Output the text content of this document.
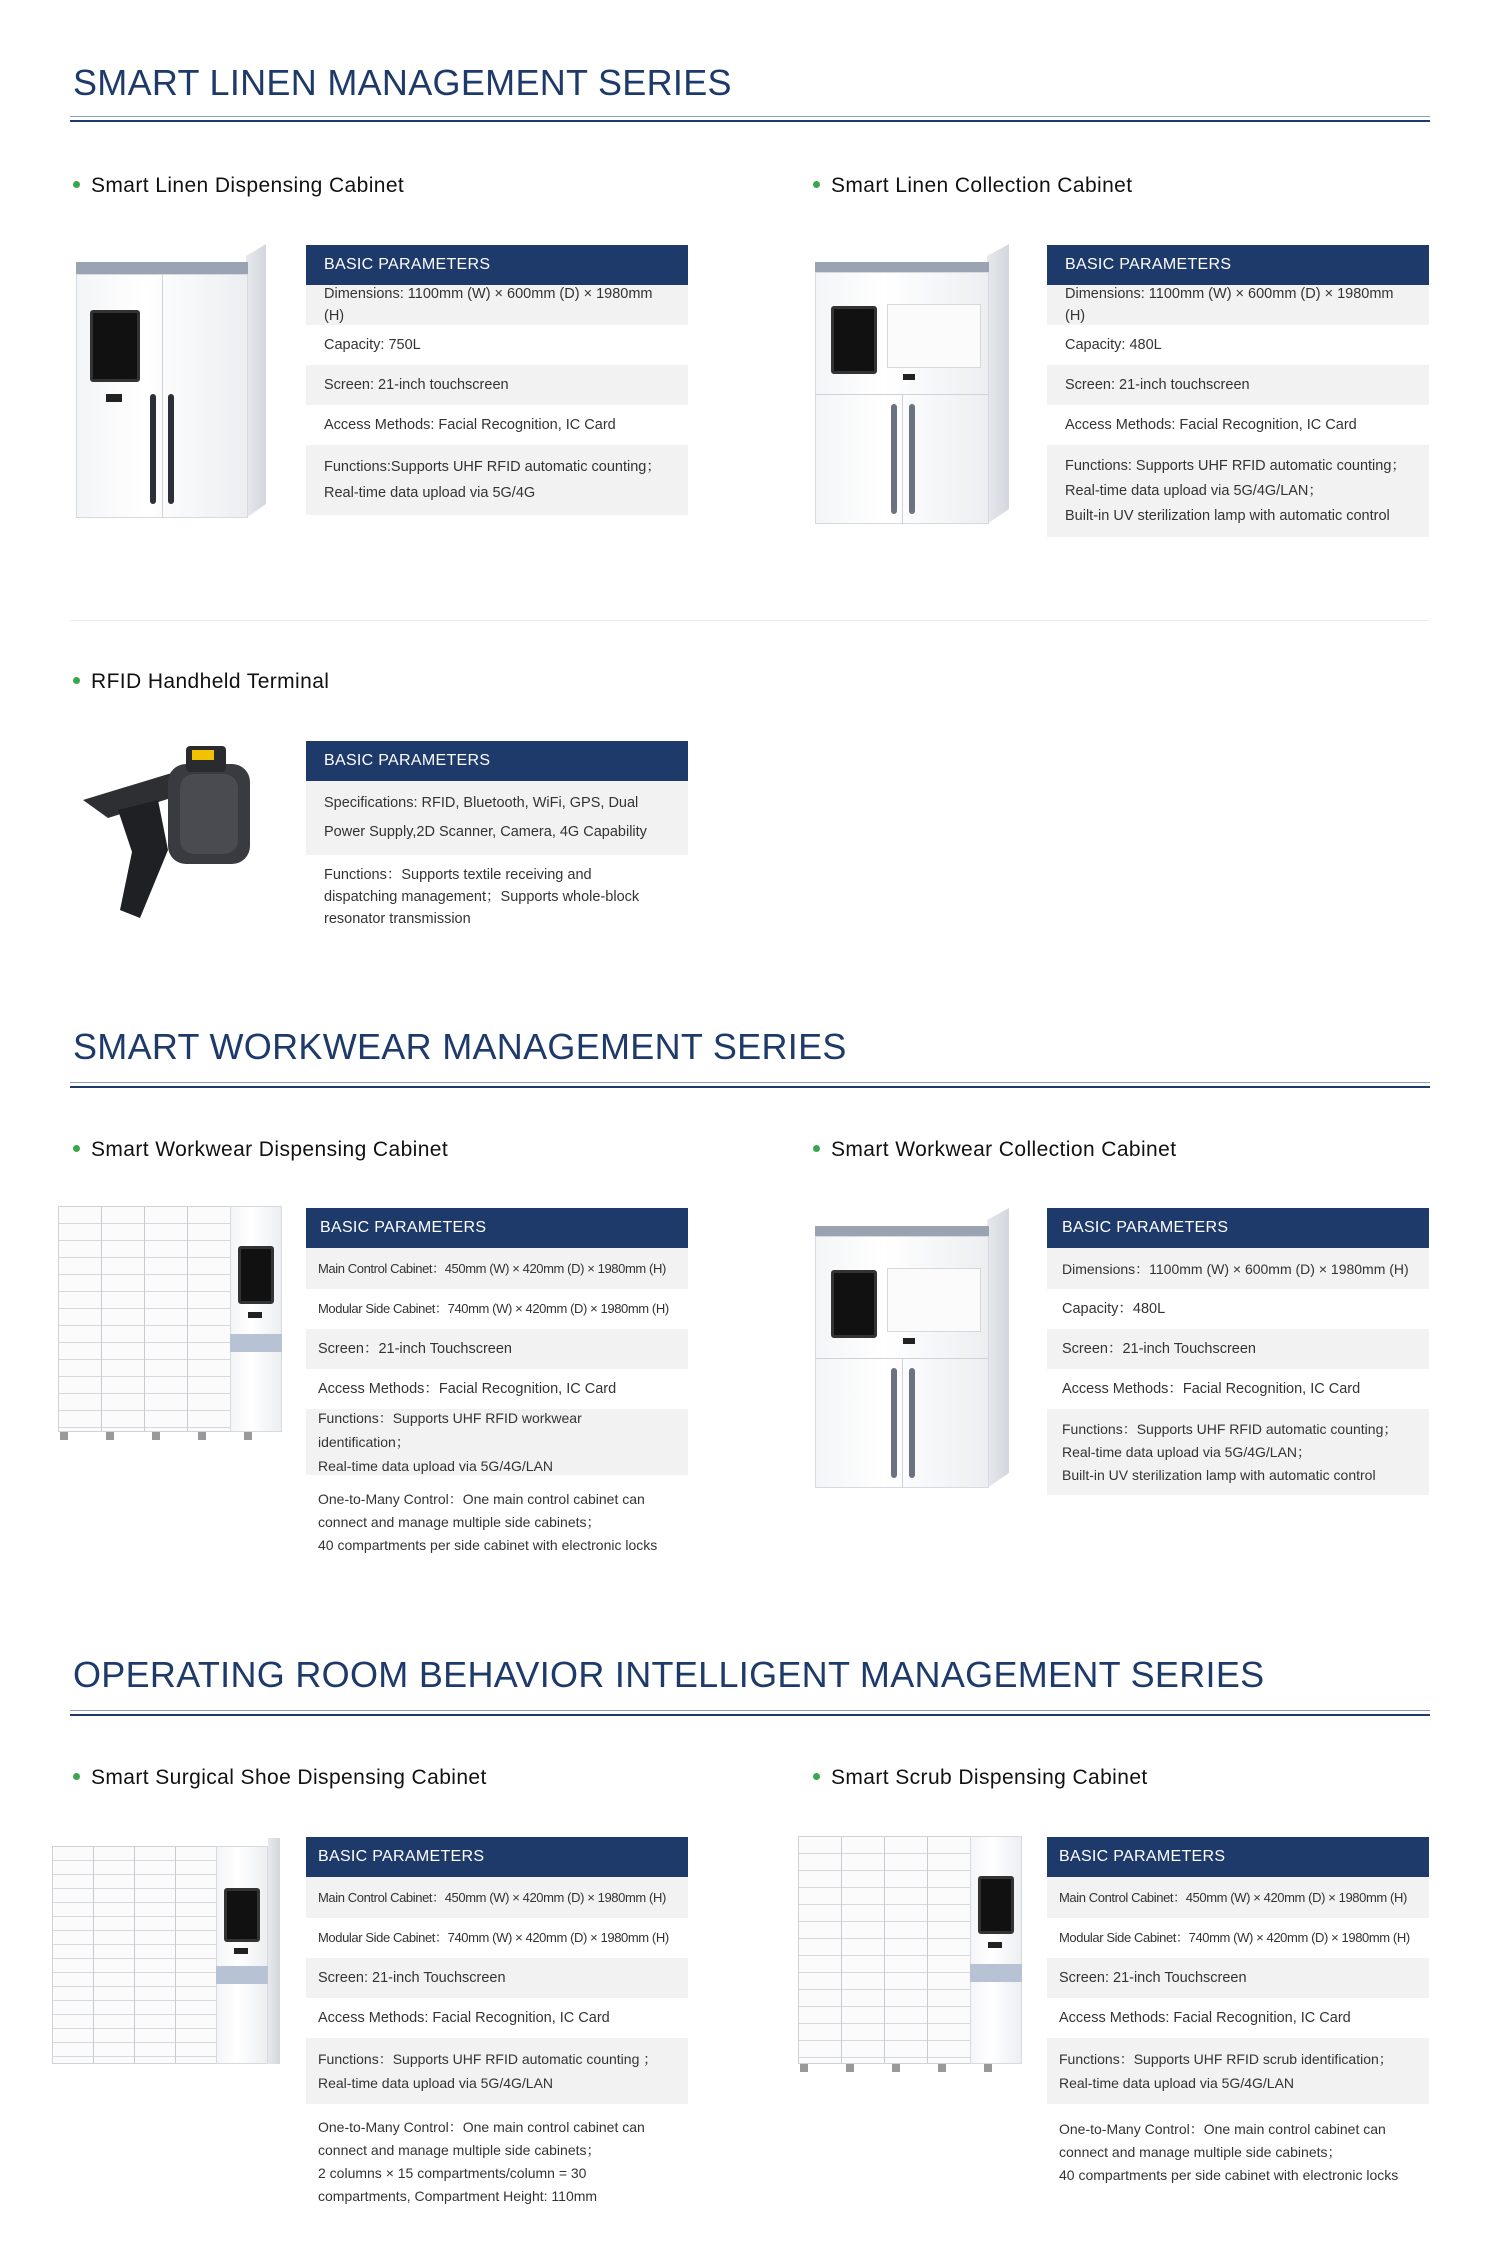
SMART LINEN MANAGEMENT SERIES
Smart Linen Dispensing Cabinet
BASIC PARAMETERS
Dimensions: 1100mm (W) × 600mm (D) × 1980mm (H)
Capacity: 750L
Screen: 21-inch touchscreen
Access Methods: Facial Recognition, IC Card
Functions:Supports UHF RFID automatic counting；
Real-time data upload via 5G/4G
Smart Linen Collection Cabinet
BASIC PARAMETERS
Dimensions: 1100mm (W) × 600mm (D) × 1980mm (H)
Capacity: 480L
Screen: 21-inch touchscreen
Access Methods: Facial Recognition, IC Card
Functions: Supports UHF RFID automatic counting；
Real-time data upload via 5G/4G/LAN；
Built-in UV sterilization lamp with automatic control
RFID Handheld Terminal
BASIC PARAMETERS
Specifications: RFID, Bluetooth, WiFi, GPS, Dual
Power Supply,2D Scanner, Camera, 4G Capability
Functions：Supports textile receiving and
dispatching management；Supports whole-block
resonator transmission
SMART WORKWEAR MANAGEMENT SERIES
Smart Workwear Dispensing Cabinet
BASIC PARAMETERS
Main Control Cabinet：450mm (W) × 420mm (D) × 1980mm (H)
Modular Side Cabinet：740mm (W) × 420mm (D) × 1980mm (H)
Screen：21-inch Touchscreen
Access Methods：Facial Recognition, IC Card
Functions：Supports UHF RFID workwear identification；
Real-time data upload via 5G/4G/LAN
One-to-Many Control：One main control cabinet can
connect and manage multiple side cabinets；
40 compartments per side cabinet with electronic locks
Smart Workwear Collection Cabinet
BASIC PARAMETERS
Dimensions：1100mm (W) × 600mm (D) × 1980mm (H)
Capacity：480L
Screen：21-inch Touchscreen
Access Methods：Facial Recognition, IC Card
Functions：Supports UHF RFID automatic counting；
Real-time data upload via 5G/4G/LAN；
Built-in UV sterilization lamp with automatic control
OPERATING ROOM BEHAVIOR INTELLIGENT MANAGEMENT SERIES
Smart Surgical Shoe Dispensing Cabinet
BASIC PARAMETERS
Main Control Cabinet：450mm (W) × 420mm (D) × 1980mm (H)
Modular Side Cabinet：740mm (W) × 420mm (D) × 1980mm (H)
Screen: 21-inch Touchscreen
Access Methods: Facial Recognition, IC Card
Functions：Supports UHF RFID automatic counting ；
Real-time data upload via 5G/4G/LAN
One-to-Many Control：One main control cabinet can
connect and manage multiple side cabinets；
2 columns × 15 compartments/column = 30
compartments, Compartment Height: 110mm
Smart Scrub Dispensing Cabinet
BASIC PARAMETERS
Main Control Cabinet：450mm (W) × 420mm (D) × 1980mm (H)
Modular Side Cabinet：740mm (W) × 420mm (D) × 1980mm (H)
Screen: 21-inch Touchscreen
Access Methods: Facial Recognition, IC Card
Functions：Supports UHF RFID scrub identification；
Real-time data upload via 5G/4G/LAN
One-to-Many Control：One main control cabinet can
connect and manage multiple side cabinets；
40 compartments per side cabinet with electronic locks
